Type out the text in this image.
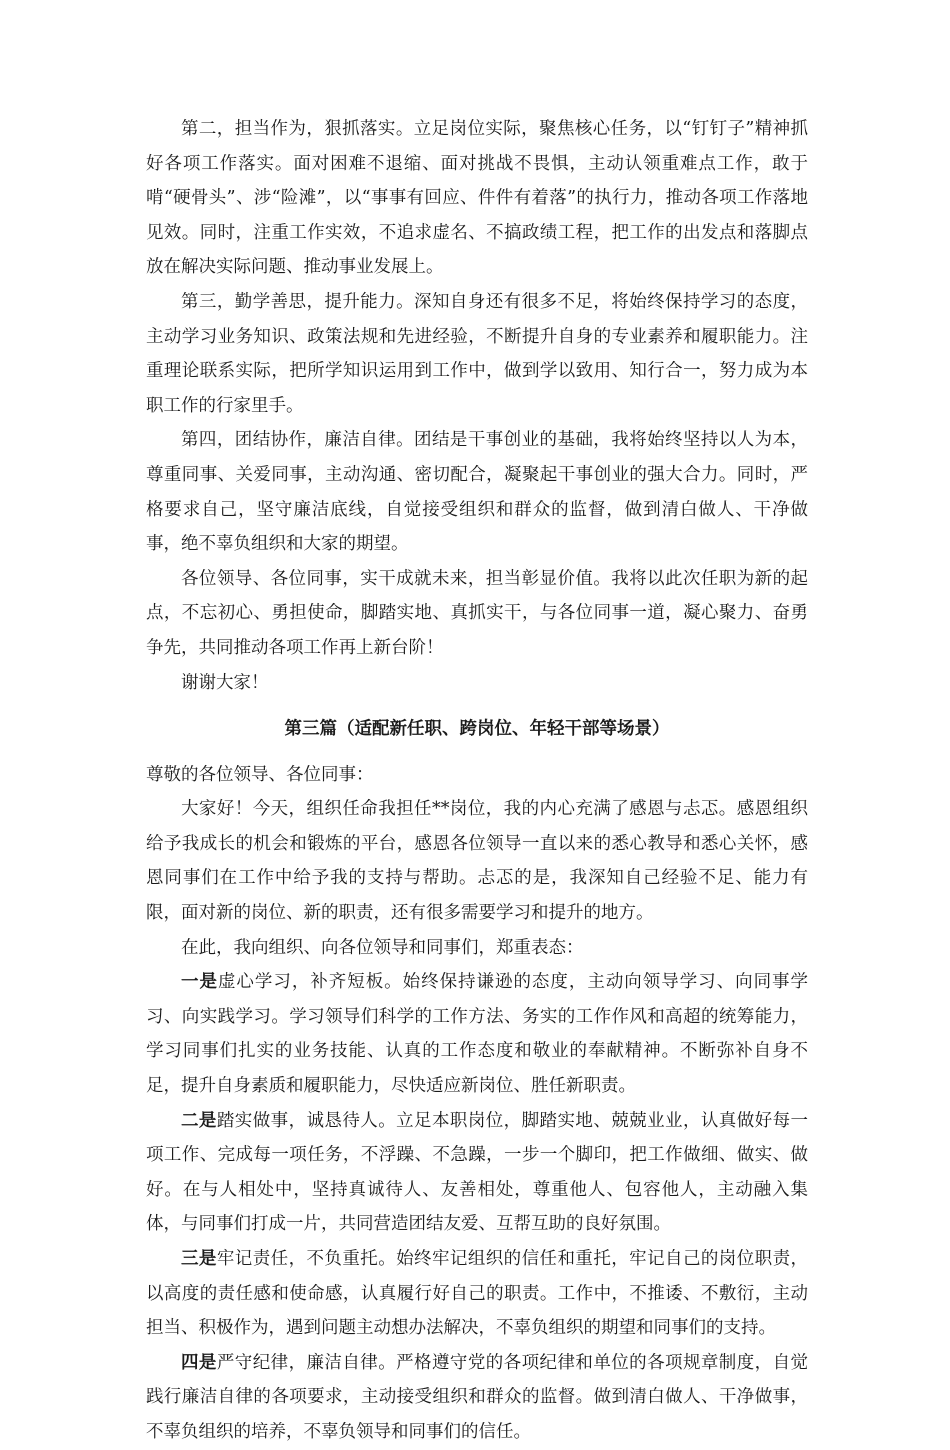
第二，担当作为，狠抓落实。立足岗位实际，聚焦核心任务，以“钉钉子”精神抓好各项工作落实。面对困难不退缩、面对挑战不畏惧，主动认领重难点工作，敢于啃“硬骨头”、涉“险滩”，以“事事有回应、件件有着落”的执行力，推动各项工作落地见效。同时，注重工作实效，不追求虚名、不搞政绩工程，把工作的出发点和落脚点放在解决实际问题、推动事业发展上。

第三，勤学善思，提升能力。深知自身还有很多不足，将始终保持学习的态度，主动学习业务知识、政策法规和先进经验，不断提升自身的专业素养和履职能力。注重理论联系实际，把所学知识运用到工作中，做到学以致用、知行合一，努力成为本职工作的行家里手。

第四，团结协作，廉洁自律。团结是干事创业的基础，我将始终坚持以人为本，尊重同事、关爱同事，主动沟通、密切配合，凝聚起干事创业的强大合力。同时，严格要求自己，坚守廉洁底线，自觉接受组织和群众的监督，做到清白做人、干净做事，绝不辜负组织和大家的期望。

各位领导、各位同事，实干成就未来，担当彰显价值。我将以此次任职为新的起点，不忘初心、勇担使命，脚踏实地、真抓实干，与各位同事一道，凝心聚力、奋勇争先，共同推动各项工作再上新台阶！

谢谢大家！

第三篇（适配新任职、跨岗位、年轻干部等场景）

尊敬的各位领导、各位同事：

大家好！今天，组织任命我担任**岗位，我的内心充满了感恩与忐忑。感恩组织给予我成长的机会和锻炼的平台，感恩各位领导一直以来的悉心教导和悉心关怀，感恩同事们在工作中给予我的支持与帮助。忐忑的是，我深知自己经验不足、能力有限，面对新的岗位、新的职责，还有很多需要学习和提升的地方。

在此，我向组织、向各位领导和同事们，郑重表态：

一是虚心学习，补齐短板。始终保持谦逊的态度，主动向领导学习、向同事学习、向实践学习。学习领导们科学的工作方法、务实的工作作风和高超的统筹能力，学习同事们扎实的业务技能、认真的工作态度和敬业的奉献精神。不断弥补自身不足，提升自身素质和履职能力，尽快适应新岗位、胜任新职责。

二是踏实做事，诚恳待人。立足本职岗位，脚踏实地、兢兢业业，认真做好每一项工作、完成每一项任务，不浮躁、不急躁，一步一个脚印，把工作做细、做实、做好。在与人相处中，坚持真诚待人、友善相处，尊重他人、包容他人，主动融入集体，与同事们打成一片，共同营造团结友爱、互帮互助的良好氛围。

三是牢记责任，不负重托。始终牢记组织的信任和重托，牢记自己的岗位职责，以高度的责任感和使命感，认真履行好自己的职责。工作中，不推诿、不敷衍，主动担当、积极作为，遇到问题主动想办法解决，不辜负组织的期望和同事们的支持。

四是严守纪律，廉洁自律。严格遵守党的各项纪律和单位的各项规章制度，自觉践行廉洁自律的各项要求，主动接受组织和群众的监督。做到清白做人、干净做事，不辜负组织的培养，不辜负领导和同事们的信任。
